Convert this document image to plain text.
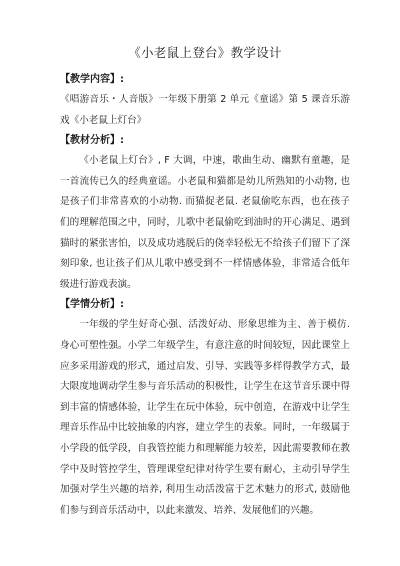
《小老鼠上登台》教学设计

【教学内容】:

《唱游音乐・人音版》一年级下册第 2 单元《童谣》第 5 课音乐游戏《小老鼠上灯台》

【教材分析】:

《小老鼠上灯台》, F 大调，中速，歌曲生动、幽默有童趣，是一首流传已久的经典童谣。小老鼠和猫都是幼儿所熟知的小动物, 也是孩子们非常喜欢的小动物. 而猫捉老鼠. 老鼠偷吃东西，也在孩子们的理解范围之中，同时，儿歌中老鼠偷吃到油时的开心满足、遇到猫时的紧张害怕，以及成功逃脱后的侥幸轻松无不给孩子们留下了深刻印象, 也让孩子们从儿歌中感受到不一样情感体验，非常适合低年级进行游戏表演。

【学情分析】:

一年级的学生好奇心强、活泼好动、形象思维为主、善于模仿. 身心可塑性强。小学二年级学生，有意注意的时间较短，因此课堂上应多采用游戏的形式，通过启发、引导、实践等多样得教学方式，最大限度地调动学生参与音乐活动的积极性，让学生在这节音乐课中得到丰富的情感体验，让学生在玩中体验，玩中创造，在游戏中让学生理音乐作品中比较抽象的内容，建立学生的表象。同时，一年级属于小学段的低学段，自我管控能力和理解能力较差，因此需要教师在教学中及时管控学生，管理课堂纪律对待学生要有耐心，主动引导学生加强对学生兴趣的培养, 利用生动活泼富于艺术魅力的形式, 鼓励他们参与到音乐活动中，以此来激发、培养、发展他们的兴趣。
